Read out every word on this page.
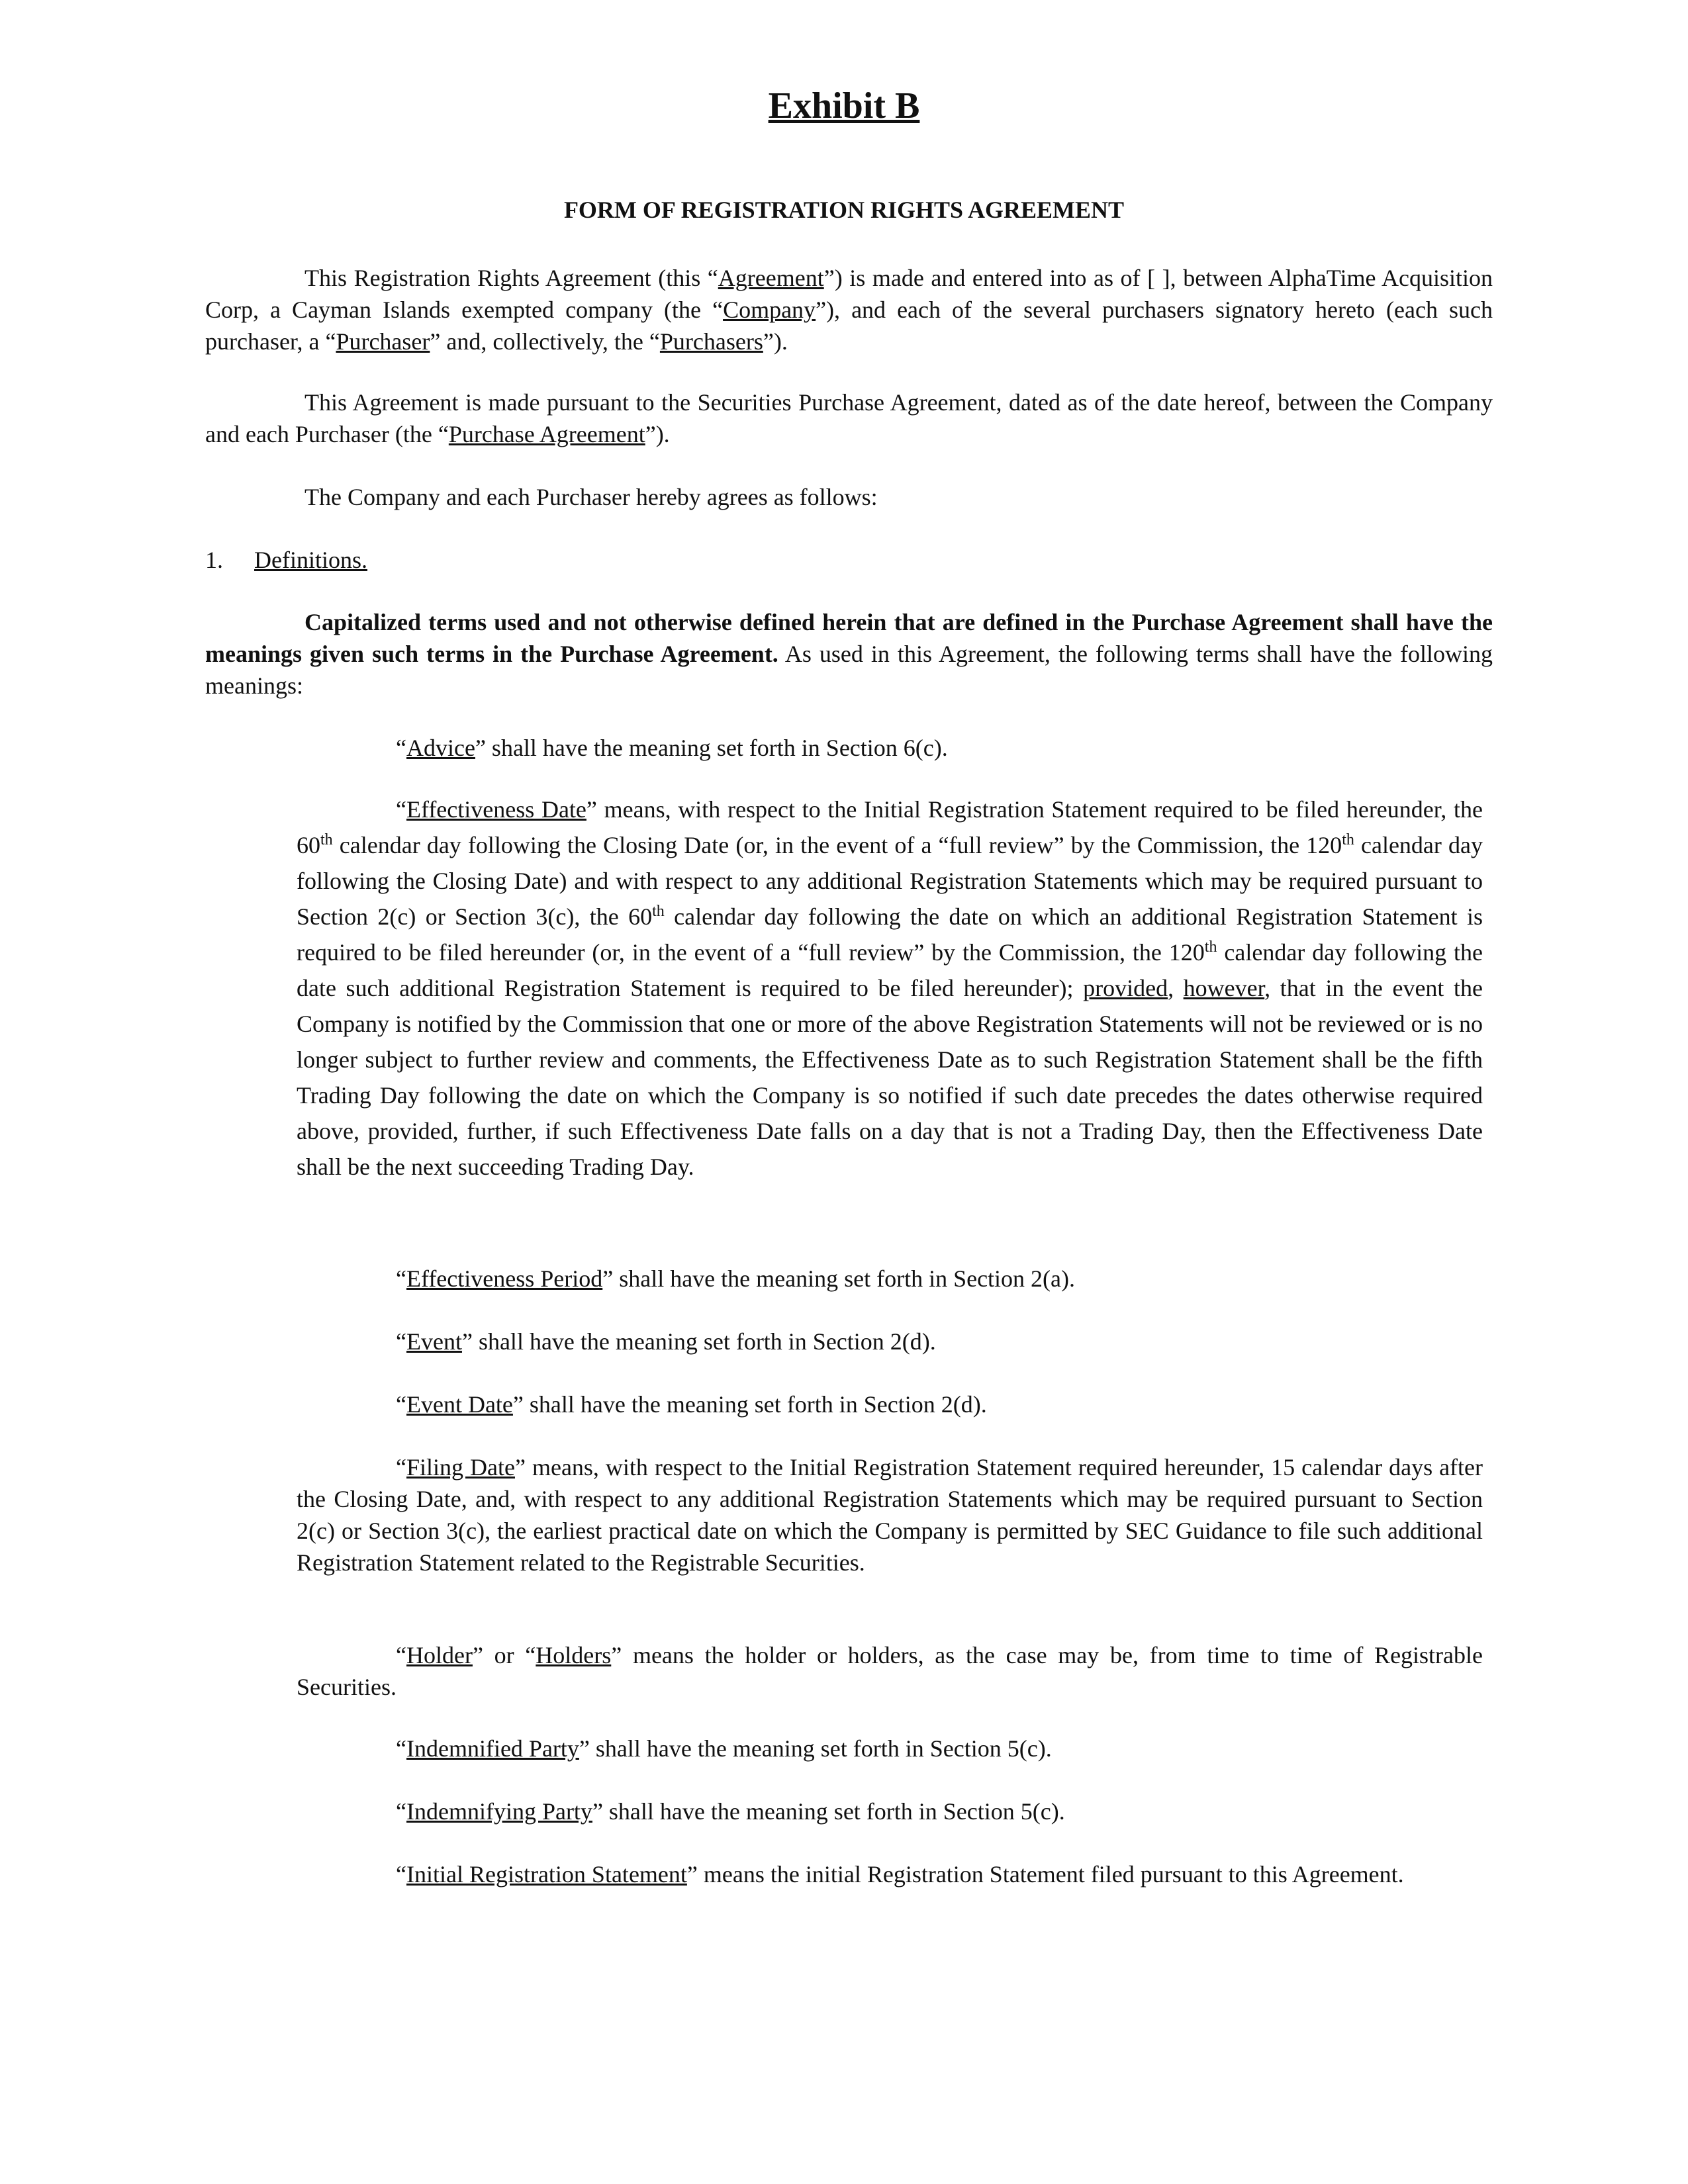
Exhibit B
FORM OF REGISTRATION RIGHTS AGREEMENT

This Registration Rights Agreement (this “Agreement”) is made and entered into as of [ ], between AlphaTime Acquisition Corp, a Cayman Islands exempted company (the “Company”), and each of the several purchasers signatory hereto (each such purchaser, a “Purchaser” and, collectively, the “Purchasers”).

This Agreement is made pursuant to the Securities Purchase Agreement, dated as of the date hereof, between the Company and each Purchaser (the “Purchase Agreement”).

The Company and each Purchaser hereby agrees as follows:

1. Definitions.

Capitalized terms used and not otherwise defined herein that are defined in the Purchase Agreement shall have the meanings given such terms in the Purchase Agreement. As used in this Agreement, the following terms shall have the following meanings:

“Advice” shall have the meaning set forth in Section 6(c).

“Effectiveness Date” means, with respect to the Initial Registration Statement required to be filed hereunder, the 60th calendar day following the Closing Date (or, in the event of a “full review” by the Commission, the 120th calendar day following the Closing Date) and with respect to any additional Registration Statements which may be required pursuant to Section 2(c) or Section 3(c), the 60th calendar day following the date on which an additional Registration Statement is required to be filed hereunder (or, in the event of a “full review” by the Commission, the 120th calendar day following the date such additional Registration Statement is required to be filed hereunder); provided, however, that in the event the Company is notified by the Commission that one or more of the above Registration Statements will not be reviewed or is no longer subject to further review and comments, the Effectiveness Date as to such Registration Statement shall be the fifth Trading Day following the date on which the Company is so notified if such date precedes the dates otherwise required above, provided, further, if such Effectiveness Date falls on a day that is not a Trading Day, then the Effectiveness Date shall be the next succeeding Trading Day.

“Effectiveness Period” shall have the meaning set forth in Section 2(a).

“Event” shall have the meaning set forth in Section 2(d).

“Event Date” shall have the meaning set forth in Section 2(d).

“Filing Date” means, with respect to the Initial Registration Statement required hereunder, 15 calendar days after the Closing Date, and, with respect to any additional Registration Statements which may be required pursuant to Section 2(c) or Section 3(c), the earliest practical date on which the Company is permitted by SEC Guidance to file such additional Registration Statement related to the Registrable Securities.

“Holder” or “Holders” means the holder or holders, as the case may be, from time to time of Registrable Securities.

“Indemnified Party” shall have the meaning set forth in Section 5(c).

“Indemnifying Party” shall have the meaning set forth in Section 5(c).

“Initial Registration Statement” means the initial Registration Statement filed pursuant to this Agreement.
